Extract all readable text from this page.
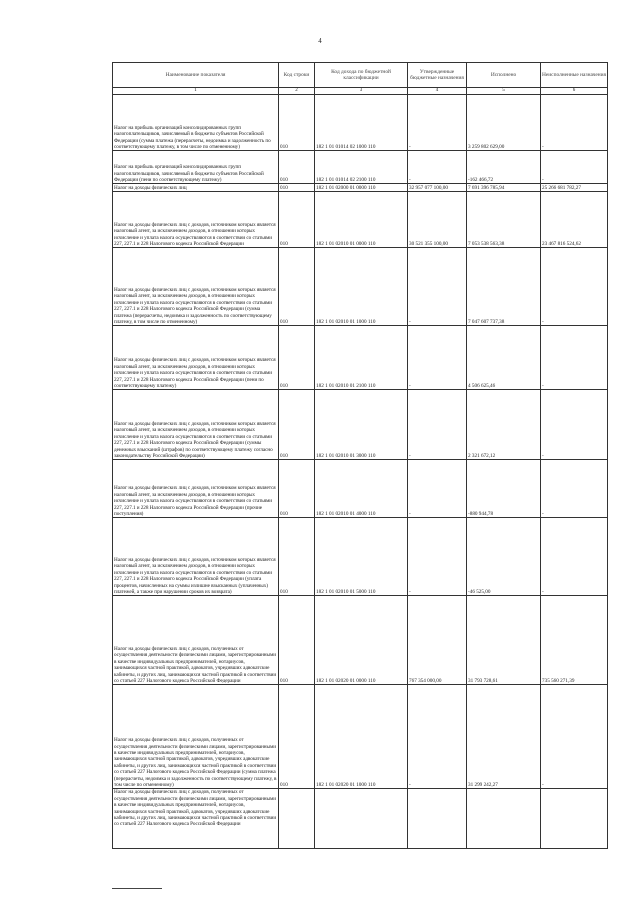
4
Наименование показателя	Код строки	Код дохода по бюджетной классификации	Утвержденные бюджетные назначения	Исполнено	Неисполненные назначения
1	2	3	4	5	6
Налог на прибыль организаций консолидированных групп налогоплательщиков, зачисляемый в бюджеты субъектов Российской Федерации (сумма платежа (перерасчеты, недоимка и задолженность по соответствующему платежу, в том числе по отмененному)	010	182 1 01 01014 02 1000 110	-	3 259 802 629,00	-
Налог на прибыль организаций консолидированных групп налогоплательщиков, зачисляемый в бюджеты субъектов Российской Федерации (пени по соответствующему платежу)	010	182 1 01 01014 02 2100 110	-	-162 466,72	-
Налог на доходы физических лиц	010	182 1 01 02000 01 0000 110	32 957 077 100,00	7 691 396 785,94	25 266 681 782,27
Налог на доходы физических лиц с доходов, источником которых является налоговый агент, за исключением доходов, в отношении которых исчисление и уплата налога осуществляются в соответствии со статьями 227, 227.1 и 228 Налогового кодекса Российской Федерации	010	182 1 01 02010 01 0000 110	30 521 355 100,00	7 053 538 563,38	23 467 816 524,62
Налог на доходы физических лиц с доходов, источником которых является налоговый агент, за исключением доходов, в отношении которых исчисление и уплата налога осуществляются в соответствии со статьями 227, 227.1 и 228 Налогового кодекса Российской Федерации (сумма платежа (перерасчеты, недоимка и задолженность по соответствующему платежу, в том числе по отмененному)	010	182 1 01 02010 01 1000 110	-	7 047 607 737,38	-
Налог на доходы физических лиц с доходов, источником которых является налоговый агент, за исключением доходов, в отношении которых исчисление и уплата налога осуществляются в соответствии со статьями 227, 227.1 и 228 Налогового кодекса Российской Федерации (пени по соответствующему платежу)	010	182 1 01 02010 01 2100 110	-	4 506 625,46	-
Налог на доходы физических лиц с доходов, источником которых является налоговый агент, за исключением доходов, в отношении которых исчисление и уплата налога осуществляются в соответствии со статьями 227, 227.1 и 228 Налогового кодекса Российской Федерации (суммы денежных взысканий (штрафов) по соответствующему платежу согласно законодательству Российской Федерации)	010	182 1 01 02010 01 3000 110	-	2 321 672,12	-
Налог на доходы физических лиц с доходов, источником которых является налоговый агент, за исключением доходов, в отношении которых исчисление и уплата налога осуществляются в соответствии со статьями 227, 227.1 и 228 Налогового кодекса Российской Федерации (прочие поступления)	010	182 1 01 02010 01 4000 110	-	-880 944,78	-
Налог на доходы физических лиц с доходов, источником которых является налоговый агент, за исключением доходов, в отношении которых исчисление и уплата налога осуществляются в соответствии со статьями 227, 227.1 и 228 Налогового кодекса Российской Федерации (уплата процентов, начисленных на суммы излишне взысканных (уплаченных) платежей, а также при нарушении сроков их возврата)	010	182 1 01 02010 01 5000 110	-	-46 525,00	-
Налог на доходы физических лиц с доходов, полученных от осуществления деятельности физическими лицами, зарегистрированными в качестве индивидуальных предпринимателей, нотариусов, занимающихся частной практикой, адвокатов, учредивших адвокатские кабинеты, и других лиц, занимающихся частной практикой в соответствии со статьей 227 Налогового кодекса Российской Федерации	010	182 1 01 02020 01 0000 110	767 354 000,00	31 793 728,61	735 560 271,39
Налог на доходы физических лиц с доходов, полученных от осуществления деятельности физическими лицами, зарегистрированными в качестве индивидуальных предпринимателей, нотариусов, занимающихся частной практикой, адвокатов, учредивших адвокатские кабинеты, и других лиц, занимающихся частной практикой в соответствии со статьей 227 Налогового кодекса Российской Федерации (сумма платежа (перерасчеты, недоимка и задолженность по соответствующему платежу, в том числе по отмененному)	010	182 1 01 02020 01 1000 110	-	31 299 242,27	-
Налог на доходы физических лиц с доходов, полученных от осуществления деятельности физическими лицами, зарегистрированными в качестве индивидуальных предпринимателей, нотариусов, занимающихся частной практикой, адвокатов, учредивших адвокатские кабинеты, и других лиц, занимающихся частной практикой в соответствии со статьей 227 Налогового кодекса Российской Федерации					
